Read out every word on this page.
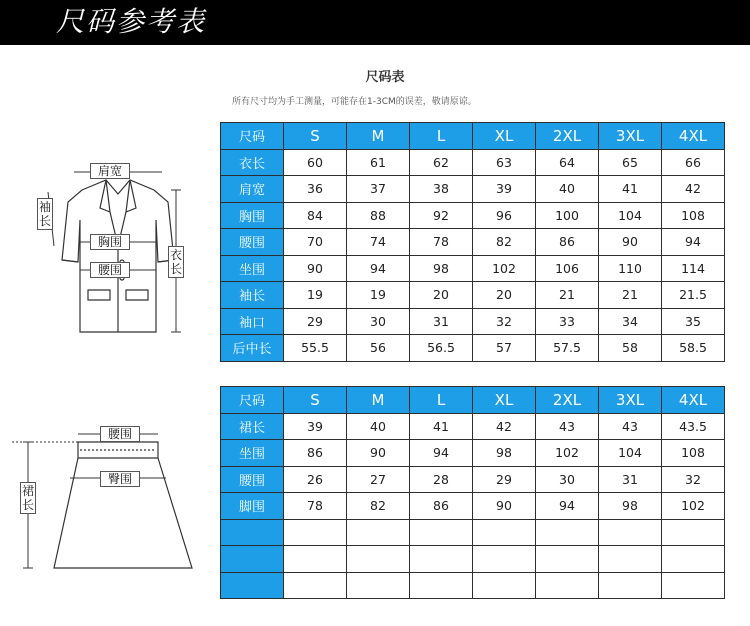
尺码参考表
尺码表
所有尺寸均为手工测量，可能存在1-3CM的误差，敬请原谅。
肩宽
袖长
胸围
腰围
衣长
腰围
臀围
裙长
尺码	S	M	L	XL	2XL	3XL	4XL
衣长	60	61	62	63	64	65	66
肩宽	36	37	38	39	40	41	42
胸围	84	88	92	96	100	104	108
腰围	70	74	78	82	86	90	94
坐围	90	94	98	102	106	110	114
袖长	19	19	20	20	21	21	21.5
袖口	29	30	31	32	33	34	35
后中长	55.5	56	56.5	57	57.5	58	58.5
尺码	S	M	L	XL	2XL	3XL	4XL
裙长	39	40	41	42	43	43	43.5
坐围	86	90	94	98	102	104	108
腰围	26	27	28	29	30	31	32
脚围	78	82	86	90	94	98	102
